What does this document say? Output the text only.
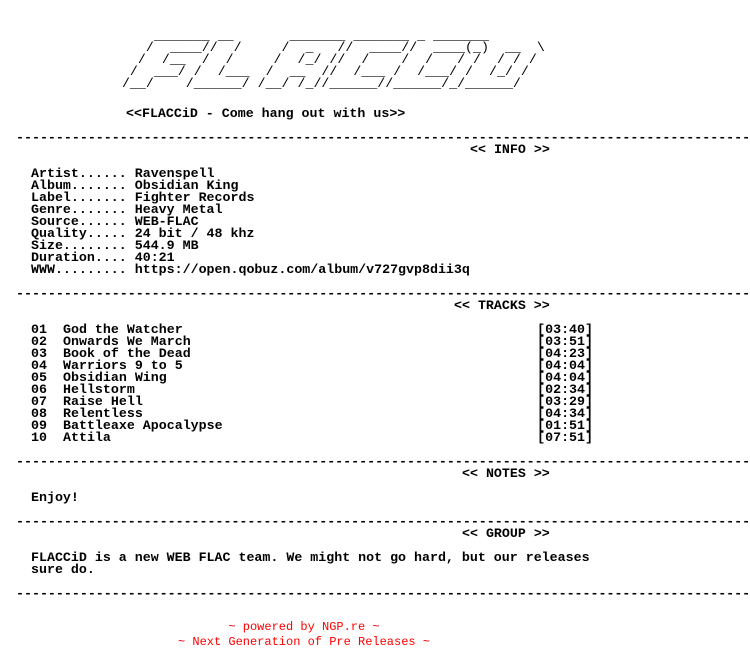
_______ __       _______ _______ _ _______
/  ____//  /     /  _   //  ____//  ____(_)  __  \
/  /__  /  /     /  /_/ //  /    /  /   / /  / / /
/  ___/ /  /___  /  __  //  /___ /  /___/ /  /_/ /
/__/    /______/ /__/ /_//______//______/_/______/
<<FLACCiD - Come hang out with us>>
--------------------------------------------------------------------------------------------
<< INFO >>
Artist...... Ravenspell
Album....... Obsidian King
Label....... Fighter Records
Genre....... Heavy Metal
Source...... WEB-FLAC
Quality..... 24 bit / 48 khz
Size........ 544.9 MB
Duration.... 40:21
WWW......... https://open.qobuz.com/album/v727gvp8dii3q
--------------------------------------------------------------------------------------------
<< TRACKS >>
01	God the Watcher	[03:40]
02	Onwards We March	[03:51]
03	Book of the Dead	[04:23]
04	Warriors 9 to 5	[04:04]
05	Obsidian Wing	[04:04]
06	Hellstorm	[02:34]
07	Raise Hell	[03:29]
08	Relentless	[04:34]
09	Battleaxe Apocalypse	[01:51]
10	Attila	[07:51]
--------------------------------------------------------------------------------------------
<< NOTES >>
Enjoy!
--------------------------------------------------------------------------------------------
<< GROUP >>
FLACCiD is a new WEB FLAC team. We might not go hard, but our releases sure do.
--------------------------------------------------------------------------------------------
~ powered by NGP.re ~
~ Next Generation of Pre Releases ~
